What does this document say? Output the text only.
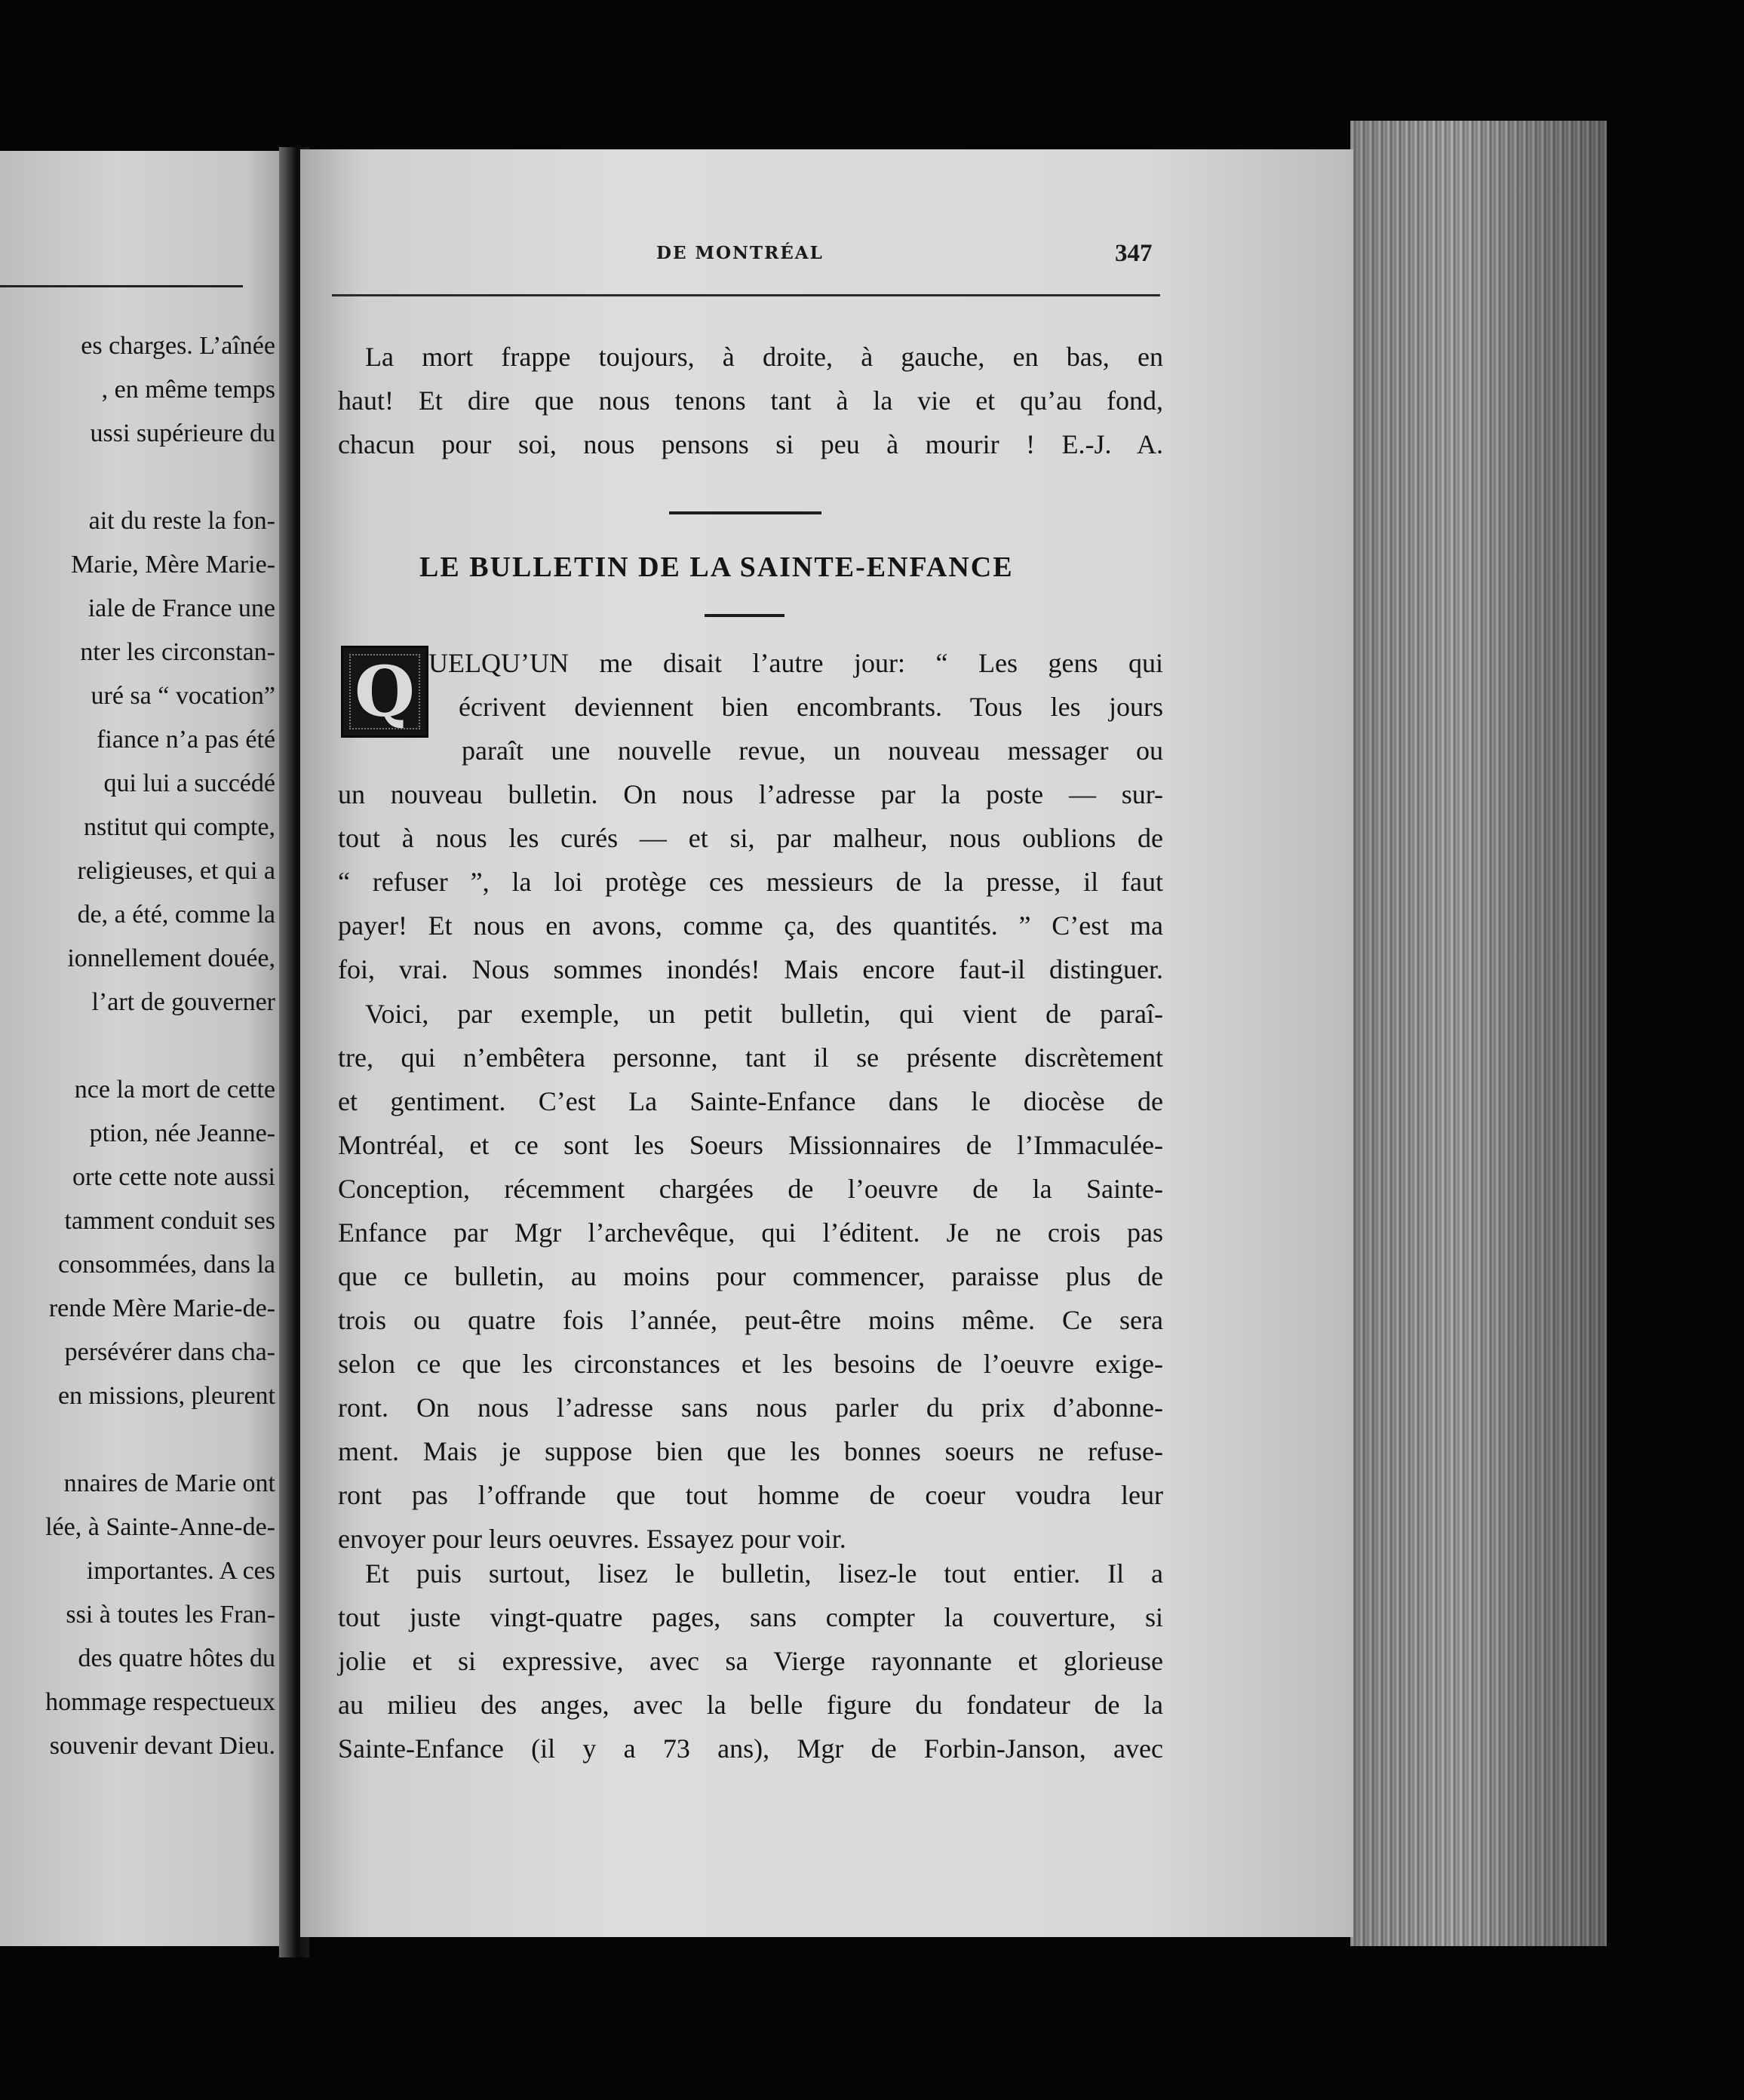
es charges. L’aînée
, en même temps
ussi supérieure du
ait du reste la fon-
Marie, Mère Marie-
iale de France une
nter les circonstan-
uré sa “ vocation”
fiance n’a pas été
qui lui a succédé
nstitut qui compte,
religieuses, et qui a
de, a été, comme la
ionnellement douée,
l’art de gouverner
nce la mort de cette
ption, née Jeanne-
orte cette note aussi
tamment conduit ses
consommées, dans la
rende Mère Marie-de-
persévérer dans cha-
en missions, pleurent
nnaires de Marie ont
lée, à Sainte-Anne-de-
importantes. A ces
ssi à toutes les Fran-
des quatre hôtes du
hommage respectueux
souvenir devant Dieu.
DE MONTRÉAL	347
La mort frappe toujours, à droite, à gauche, en bas, en
haut! Et dire que nous tenons tant à la vie et qu’au fond,
chacun pour soi, nous pensons si peu à mourir ! E.-J. A.
LE BULLETIN DE LA SAINTE-ENFANCE
Q UELQU’UN me disait l’autre jour: “ Les gens qui
écrivent deviennent bien encombrants. Tous les jours
paraît une nouvelle revue, un nouveau messager ou
un nouveau bulletin. On nous l’adresse par la poste — sur-
tout à nous les curés — et si, par malheur, nous oublions de
“ refuser ”, la loi protège ces messieurs de la presse, il faut
payer! Et nous en avons, comme ça, des quantités. ” C’est ma
foi, vrai. Nous sommes inondés! Mais encore faut-il distinguer.
Voici, par exemple, un petit bulletin, qui vient de paraî-
tre, qui n’embêtera personne, tant il se présente discrètement
et gentiment. C’est La Sainte-Enfance dans le diocèse de
Montréal, et ce sont les Soeurs Missionnaires de l’Immaculée-
Conception, récemment chargées de l’oeuvre de la Sainte-
Enfance par Mgr l’archevêque, qui l’éditent. Je ne crois pas
que ce bulletin, au moins pour commencer, paraisse plus de
trois ou quatre fois l’année, peut-être moins même. Ce sera
selon ce que les circonstances et les besoins de l’oeuvre exige-
ront. On nous l’adresse sans nous parler du prix d’abonne-
ment. Mais je suppose bien que les bonnes soeurs ne refuse-
ront pas l’offrande que tout homme de coeur voudra leur
envoyer pour leurs oeuvres. Essayez pour voir.
Et puis surtout, lisez le bulletin, lisez-le tout entier. Il a
tout juste vingt-quatre pages, sans compter la couverture, si
jolie et si expressive, avec sa Vierge rayonnante et glorieuse
au milieu des anges, avec la belle figure du fondateur de la
Sainte-Enfance (il y a 73 ans), Mgr de Forbin-Janson, avec
